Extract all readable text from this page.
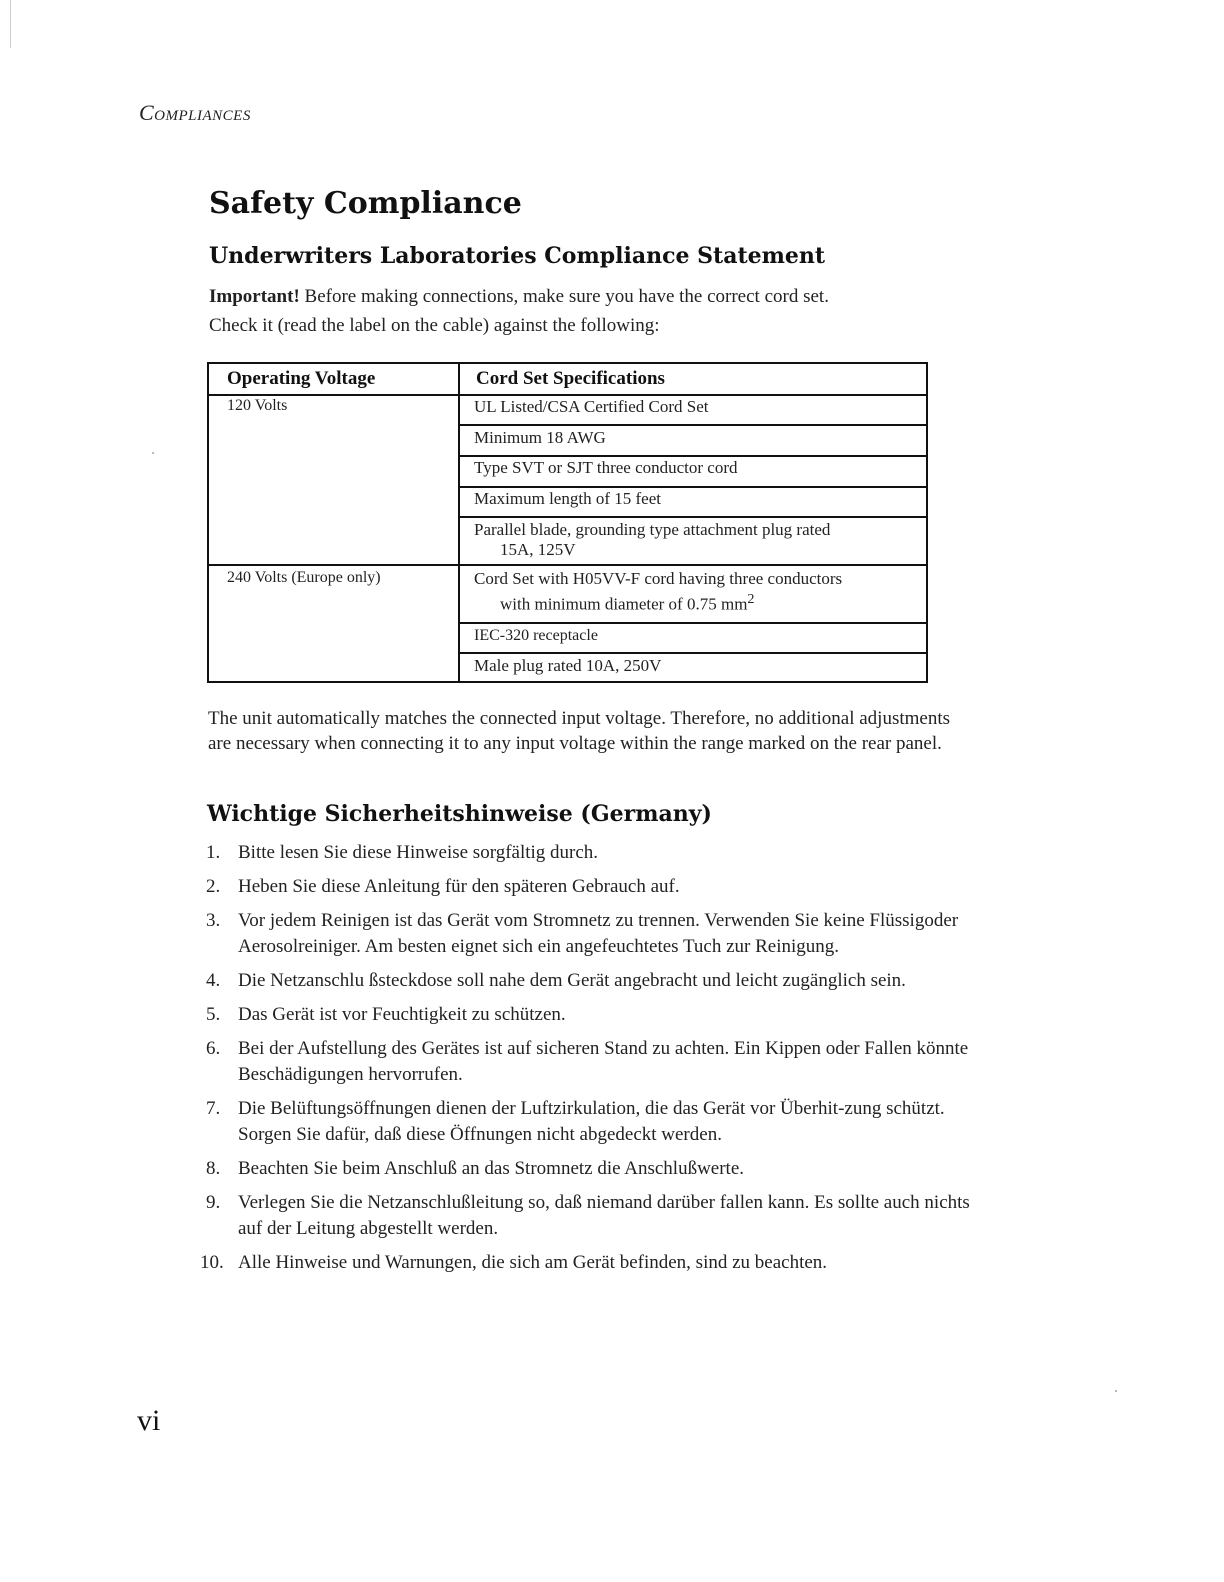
Compliances
Safety Compliance
Underwriters Laboratories Compliance Statement

Important! Before making connections, make sure you have the correct cord set.
Check it (read the label on the cable) against the following:

Operating Voltage	Cord Set Specifications
120 Volts	UL Listed/CSA Certified Cord Set
Minimum 18 AWG
Type SVT or SJT three conductor cord
Maximum length of 15 feet
Parallel blade, grounding type attachment plug rated
15A, 125V
240 Volts (Europe only)	Cord Set with H05VV-F cord having three conductors
with minimum diameter of 0.75 $mm^2$
IEC-320 receptacle
Male plug rated 10A, 250V

The unit automatically matches the connected input voltage. Therefore, no additional adjustments are necessary when connecting it to any input voltage within the range marked on the rear panel.

Wichtige Sicherheitshinweise (Germany)
1. Bitte lesen Sie diese Hinweise sorgfältig durch.
2. Heben Sie diese Anleitung für den späteren Gebrauch auf.
3. Vor jedem Reinigen ist das Gerät vom Stromnetz zu trennen. Verwenden Sie keine Flüssigoder Aerosolreiniger. Am besten eignet sich ein angefeuchtetes Tuch zur Reinigung.
4. Die Netzanschlu ßsteckdose soll nahe dem Gerät angebracht und leicht zugänglich sein.
5. Das Gerät ist vor Feuchtigkeit zu schützen.
6. Bei der Aufstellung des Gerätes ist auf sicheren Stand zu achten. Ein Kippen oder Fallen könnte Beschädigungen hervorrufen.
7. Die Belüftungsöffnungen dienen der Luftzirkulation, die das Gerät vor Überhit-zung schützt. Sorgen Sie dafür, daß diese Öffnungen nicht abgedeckt werden.
8. Beachten Sie beim Anschluß an das Stromnetz die Anschlußwerte.
9. Verlegen Sie die Netzanschlußleitung so, daß niemand darüber fallen kann. Es sollte auch nichts auf der Leitung abgestellt werden.
10. Alle Hinweise und Warnungen, die sich am Gerät befinden, sind zu beachten.
vi
